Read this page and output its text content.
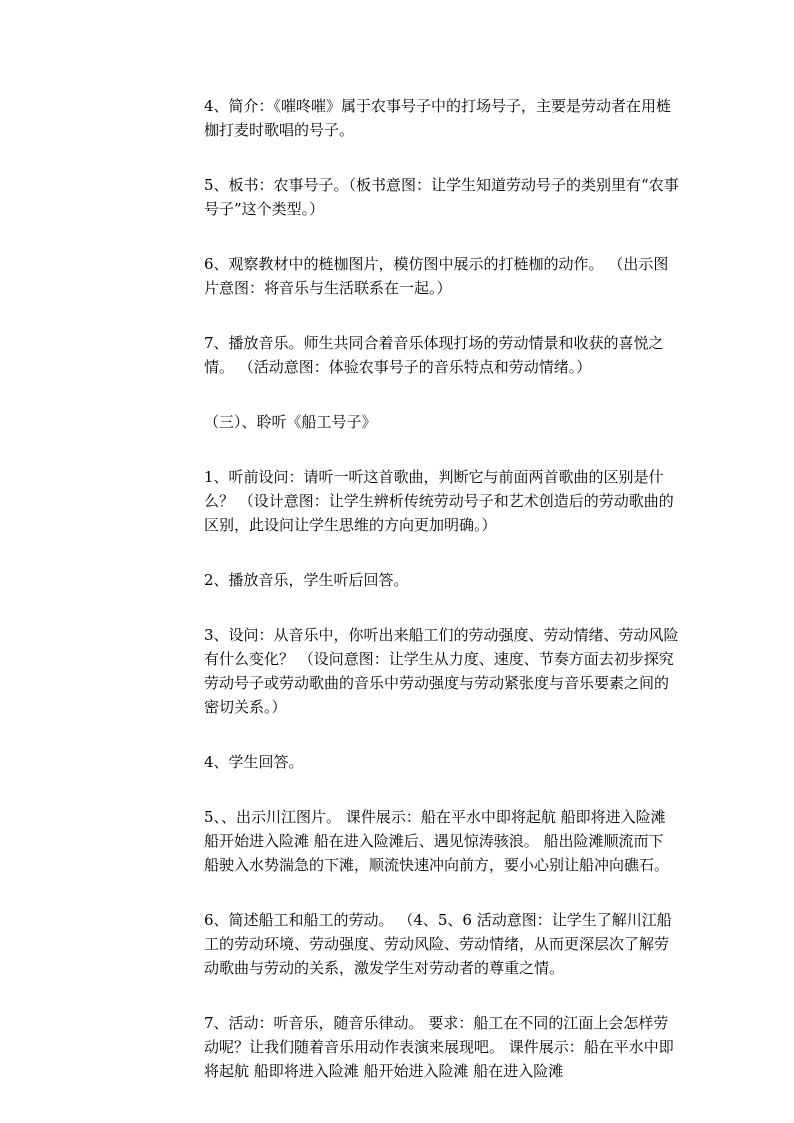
4、简介：《嗺咚嗺》属于农事号子中的打场号子，主要是劳动者在用梿枷打麦时歌唱的号子。

5、板书：农事号子。（板书意图：让学生知道劳动号子的类别里有“农事号子”这个类型。）

6、观察教材中的梿枷图片，模仿图中展示的打梿枷的动作。 （出示图片意图：将音乐与生活联系在一起。）

7、播放音乐。师生共同合着音乐体现打场的劳动情景和收获的喜悦之情。 （活动意图：体验农事号子的音乐特点和劳动情绪。）

（三）、聆听《船工号子》

1、听前设问：请听一听这首歌曲，判断它与前面两首歌曲的区别是什么？ （设计意图：让学生辨析传统劳动号子和艺术创造后的劳动歌曲的区别，此设问让学生思维的方向更加明确。）

2、播放音乐，学生听后回答。

3、设问：从音乐中，你听出来船工们的劳动强度、劳动情绪、劳动风险有什么变化？ （设问意图：让学生从力度、速度、节奏方面去初步探究劳动号子或劳动歌曲的音乐中劳动强度与劳动紧张度与音乐要素之间的密切关系。）

4、学生回答。

5、、出示川江图片。 课件展示：船在平水中即将起航 船即将进入险滩 船开始进入险滩 船在进入险滩后、遇见惊涛骇浪。 船出险滩顺流而下 船驶入水势湍急的下滩，顺流快速冲向前方，要小心别让船冲向礁石。

6、简述船工和船工的劳动。 （4、5、6 活动意图：让学生了解川江船工的劳动环境、劳动强度、劳动风险、劳动情绪，从而更深层次了解劳动歌曲与劳动的关系，激发学生对劳动者的尊重之情。

7、活动：听音乐，随音乐律动。 要求：船工在不同的江面上会怎样劳动呢？让我们随着音乐用动作表演来展现吧。 课件展示：船在平水中即将起航 船即将进入险滩 船开始进入险滩 船在进入险滩
